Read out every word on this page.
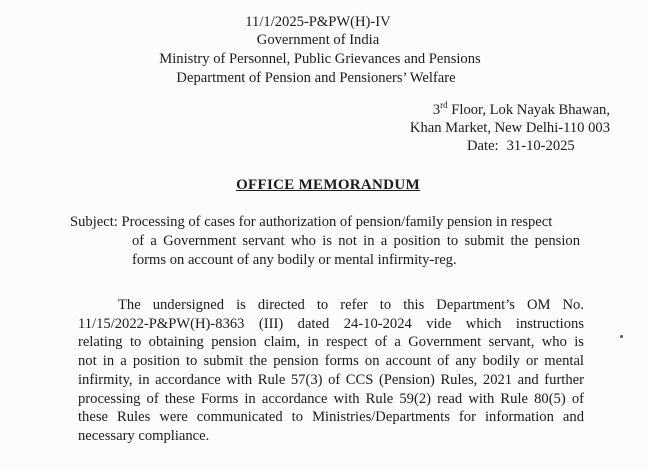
11/1/2025-P&PW(H)-IV
Government of India
Ministry of Personnel, Public Grievances and Pensions
Department of Pension and Pensioners’ Welfare
3rd Floor, Lok Nayak Bhawan,
Khan Market, New Delhi-110 003
Date: 31-10-2025
OFFICE MEMORANDUM
Subject: Processing of cases for authorization of pension/family pension in respect
of a Government servant who is not in a position to submit the pension
forms on account of any bodily or mental infirmity-reg.
The undersigned is directed to refer to this Department’s OM No.
11/15/2022-P&PW(H)-8363 (III) dated 24-10-2024 vide which instructions
relating to obtaining pension claim, in respect of a Government servant, who is
not in a position to submit the pension forms on account of any bodily or mental
infirmity, in accordance with Rule 57(3) of CCS (Pension) Rules, 2021 and further
processing of these Forms in accordance with Rule 59(2) read with Rule 80(5) of
these Rules were communicated to Ministries/Departments for information and
necessary compliance.
